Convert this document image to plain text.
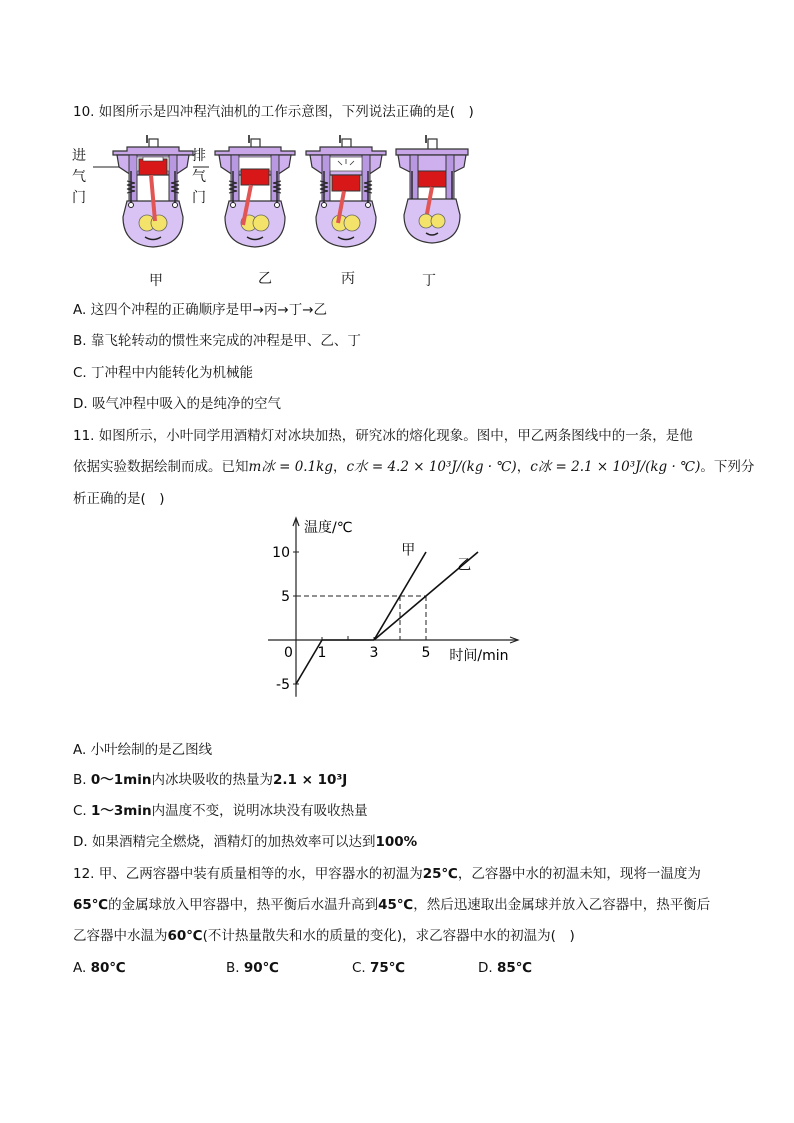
10. 如图所示是四冲程汽油机的工作示意图，下列说法正确的是(　)
进气门
排气门
甲	乙	丙	丁
A. 这四个冲程的正确顺序是甲→丙→丁→乙
B. 靠飞轮转动的惯性来完成的冲程是甲、乙、丁
C. 丁冲程中内能转化为机械能
D. 吸气冲程中吸入的是纯净的空气
11. 如图所示，小叶同学用酒精灯对冰块加热，研究冰的熔化现象。图中，甲乙两条图线中的一条，是他
依据实验数据绘制而成。已知m冰 = 0.1kg，c水 = 4.2 × 10³J/(kg · ℃)，c冰 = 2.1 × 10³J/(kg · ℃)。下列分
析正确的是(　)
温度/℃
时间/min
0
10
5
-5
1	3	5
甲
乙
A. 小叶绘制的是乙图线
B. 0～1min内冰块吸收的热量为2.1 × 10³J
C. 1～3min内温度不变，说明冰块没有吸收热量
D. 如果酒精完全燃烧，酒精灯的加热效率可以达到100%
12. 甲、乙两容器中装有质量相等的水，甲容器水的初温为25℃，乙容器中水的初温未知，现将一温度为
65℃的金属球放入甲容器中，热平衡后水温升高到45℃，然后迅速取出金属球并放入乙容器中，热平衡后
乙容器中水温为60℃(不计热量散失和水的质量的变化)，求乙容器中水的初温为(　)
A. 80℃	B. 90℃	C. 75℃	D. 85℃
